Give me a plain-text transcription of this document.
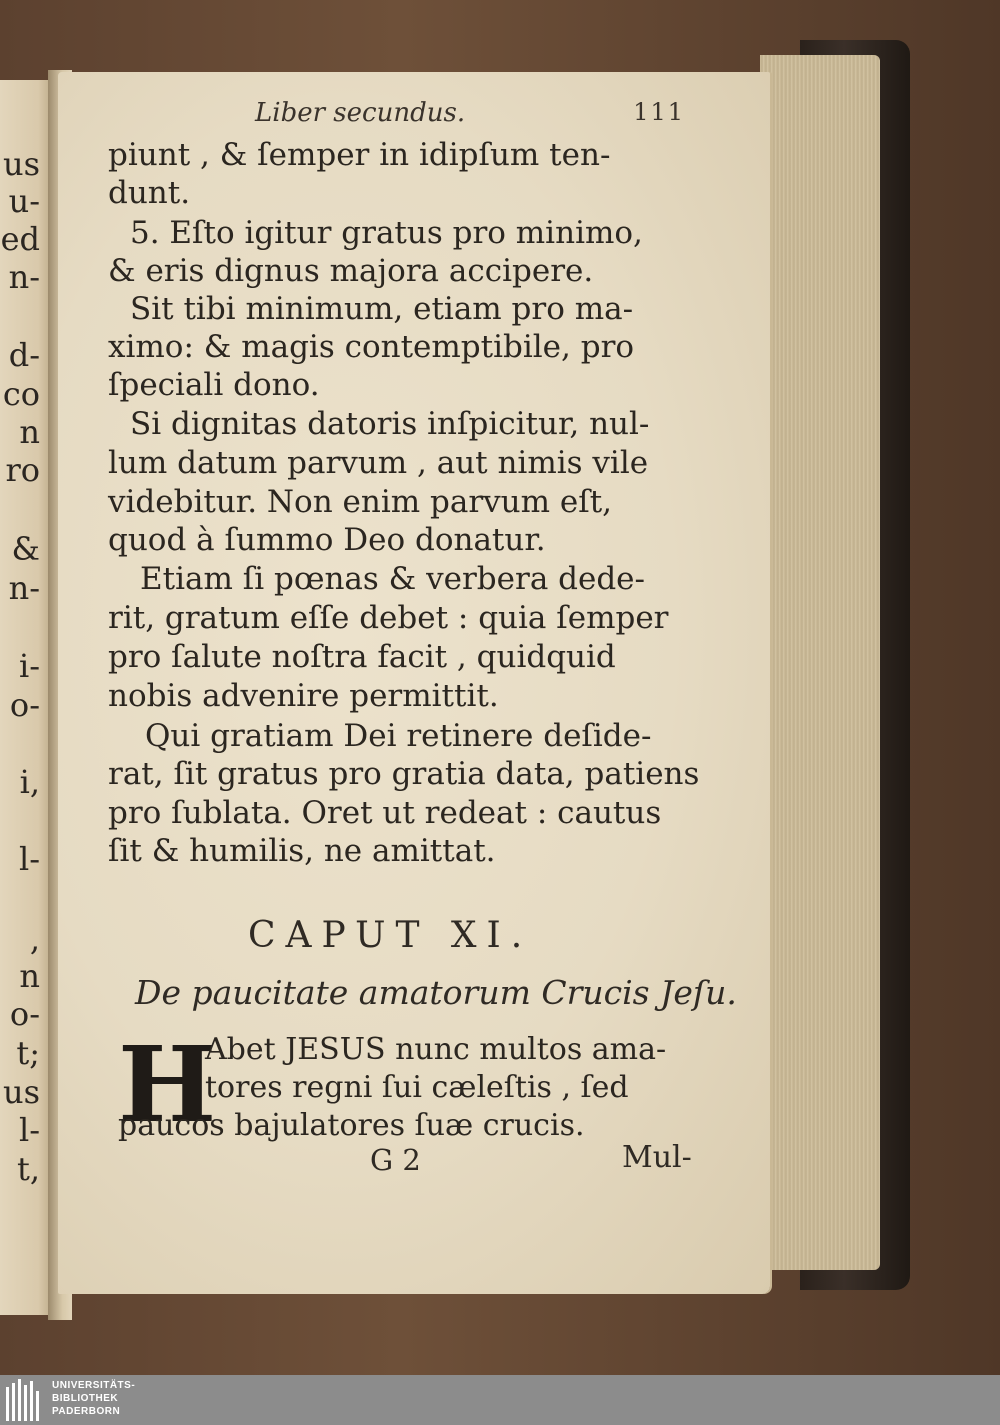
us
u-
ed
n-
d-
co
n
ro
&
n-
i-
o-
i,
l-
,
n
o-
t;
us
l-
t,
Liber secundus.	111
piunt , & ſemper in idipſum ten-
dunt.
5. Eſto igitur gratus pro minimo,
& eris dignus majora accipere.
Sit tibi minimum, etiam pro ma-
ximo: & magis contemptibile, pro
ſpeciali dono.
Si dignitas datoris inſpicitur, nul-
lum datum parvum , aut nimis vile
videbitur. Non enim parvum eſt,
quod à ſummo Deo donatur.
Etiam ſi pœnas & verbera dede-
rit, gratum eſſe debet : quia ſemper
pro ſalute noſtra facit , quidquid
nobis advenire permittit.
Qui gratiam Dei retinere deſide-
rat, ſit gratus pro gratia data, patiens
pro ſublata. Oret ut redeat : cautus
ſit & humilis, ne amittat.
CAPUT XI.
De paucitate amatorum Crucis Jeſu.
H
Abet JESUS nunc multos ama-
tores regni ſui cæleſtis , ſed
paucos bajulatores ſuæ crucis.
G 2	Mul-
UNIVERSITÄTS-
BIBLIOTHEK
PADERBORN
